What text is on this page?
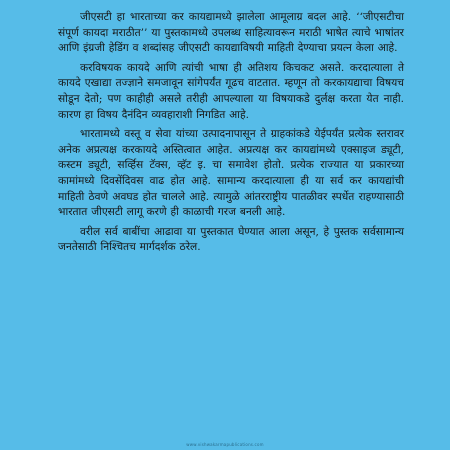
जीएसटी हा भारताच्या कर कायद्यामध्ये झालेला आमूलाग्र बदल आहे. ‘‘जीएसटीचा संपूर्ण कायदा मराठीत’’ या पुस्तकामध्ये उपलब्ध साहित्यावरून मराठी भाषेत त्याचे भाषांतर आणि इंग्रजी हेडिंग व शब्दांसह जीएसटी कायद्याविषयी माहिती देण्याचा प्रयत्न केला आहे.

करविषयक कायदे आणि त्यांची भाषा ही अतिशय किचकट असते. करदात्याला ते कायदे एखाद्या तज्ज्ञाने समजावून सांगेपर्यंत गूढच वाटतात. म्हणून तो करकायद्याचा विषयच सोडून देतो; पण काहीही असले तरीही आपल्याला या विषयाकडे दुर्लक्ष करता येत नाही. कारण हा विषय दैनंदिन व्यवहाराशी निगडित आहे.

भारतामध्ये वस्तू व सेवा यांच्या उत्पादनापासून ते ग्राहकांकडे येईपर्यंत प्रत्येक स्तरावर अनेक अप्रत्यक्ष करकायदे अस्तित्वात आहेत. अप्रत्यक्ष कर कायद्यांमध्ये एक्साइज ड्यूटी, कस्टम ड्यूटी, सर्व्हिस टॅक्स, व्हॅट इ. चा समावेश होतो. प्रत्येक राज्यात या प्रकारच्या कामांमध्ये दिवसेंदिवस वाढ होत आहे. सामान्य करदात्याला ही या सर्व कर कायद्यांची माहिती ठेवणे अवघड होत चालले आहे. त्यामुळे आंतरराष्ट्रीय पातळीवर स्पर्धेत राहण्यासाठी भारतात जीएसटी लागू करणे ही काळाची गरज बनली आहे.

वरील सर्व बाबींचा आढावा या पुस्तकात घेण्यात आला असून, हे पुस्तक सर्वसामान्य जनतेसाठी निश्चितच मार्गदर्शक ठरेल.

www.vishwakarmapublications.com
